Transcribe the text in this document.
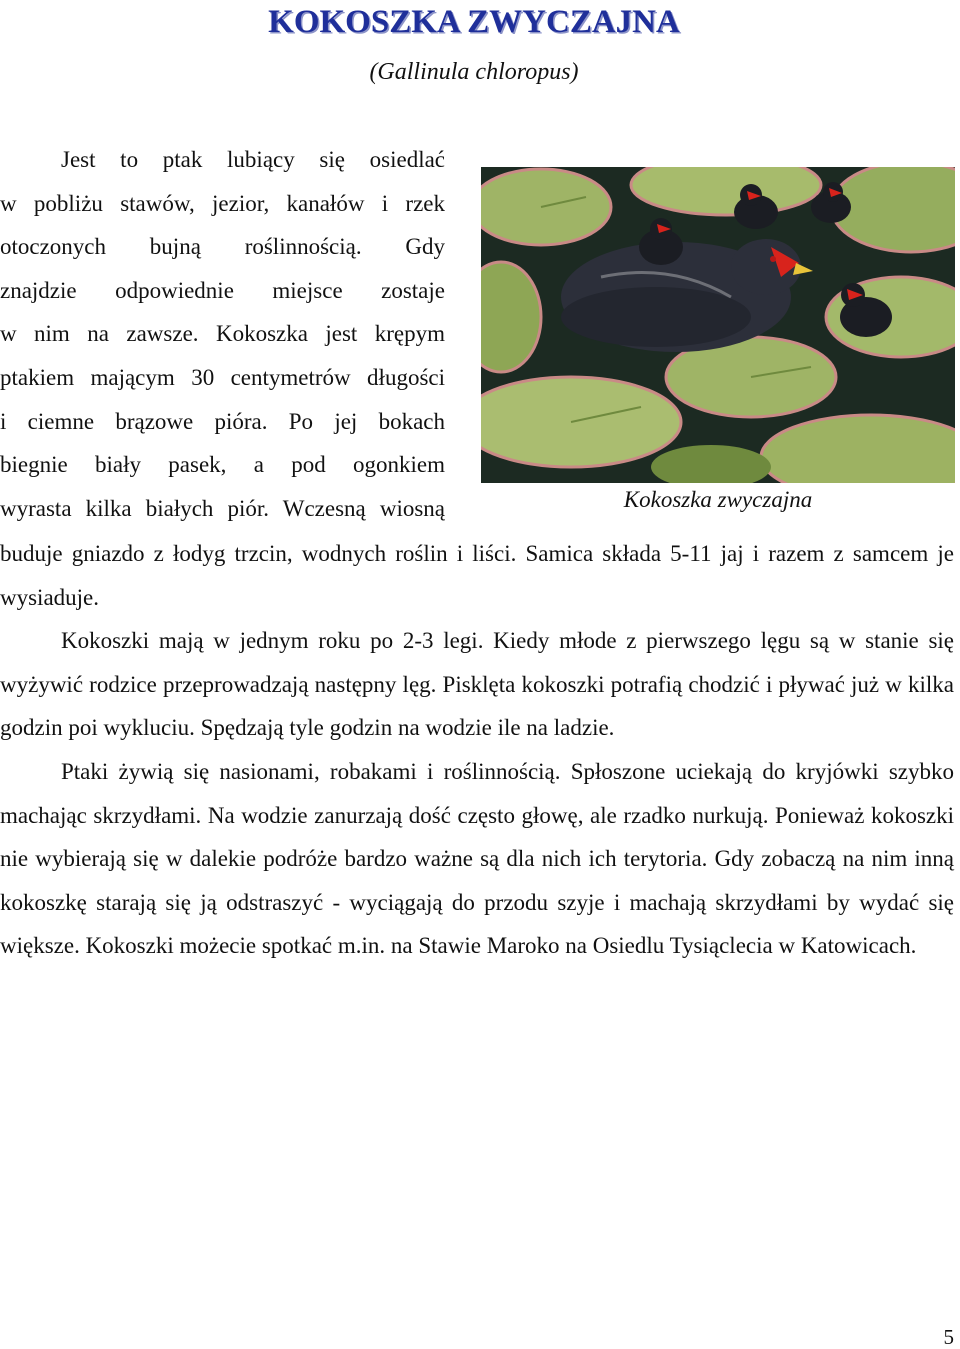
KOKOSZKA ZWYCZAJNA
(Gallinula chloropus)
Jest to ptak lubiący się osiedlać
w pobliżu stawów, jezior, kanałów i rzek
otoczonych bujną roślinnością. Gdy
znajdzie odpowiednie miejsce zostaje
w nim na zawsze. Kokoszka jest krępym
ptakiem mającym 30 centymetrów długości
i ciemne brązowe pióra. Po jej bokach
biegnie biały pasek, a pod ogonkiem
wyrasta kilka białych piór. Wczesną wiosną	Kokoszka zwyczajna

buduje gniazdo z łodyg trzcin, wodnych roślin i liści. Samica składa 5-11 jaj i razem z samcem je wysiaduje.

Kokoszki mają w jednym roku po 2-3 legi. Kiedy młode z pierwszego lęgu są w stanie się wyżywić rodzice przeprowadzają następny lęg. Pisklęta kokoszki potrafią chodzić i pływać już w kilka godzin poi wykluciu. Spędzają tyle godzin na wodzie ile na ladzie.

Ptaki żywią się nasionami, robakami i roślinnością. Spłoszone uciekają do kryjówki szybko machając skrzydłami. Na wodzie zanurzają dość często głowę, ale rzadko nurkują. Ponieważ kokoszki nie wybierają się w dalekie podróże bardzo ważne są dla nich ich terytoria. Gdy zobaczą na nim inną kokoszkę starają się ją odstraszyć - wyciągają do przodu szyje i machają skrzydłami by wydać się większe. Kokoszki możecie spotkać m.in. na Stawie Maroko na Osiedlu Tysiąclecia w Katowicach.

5
